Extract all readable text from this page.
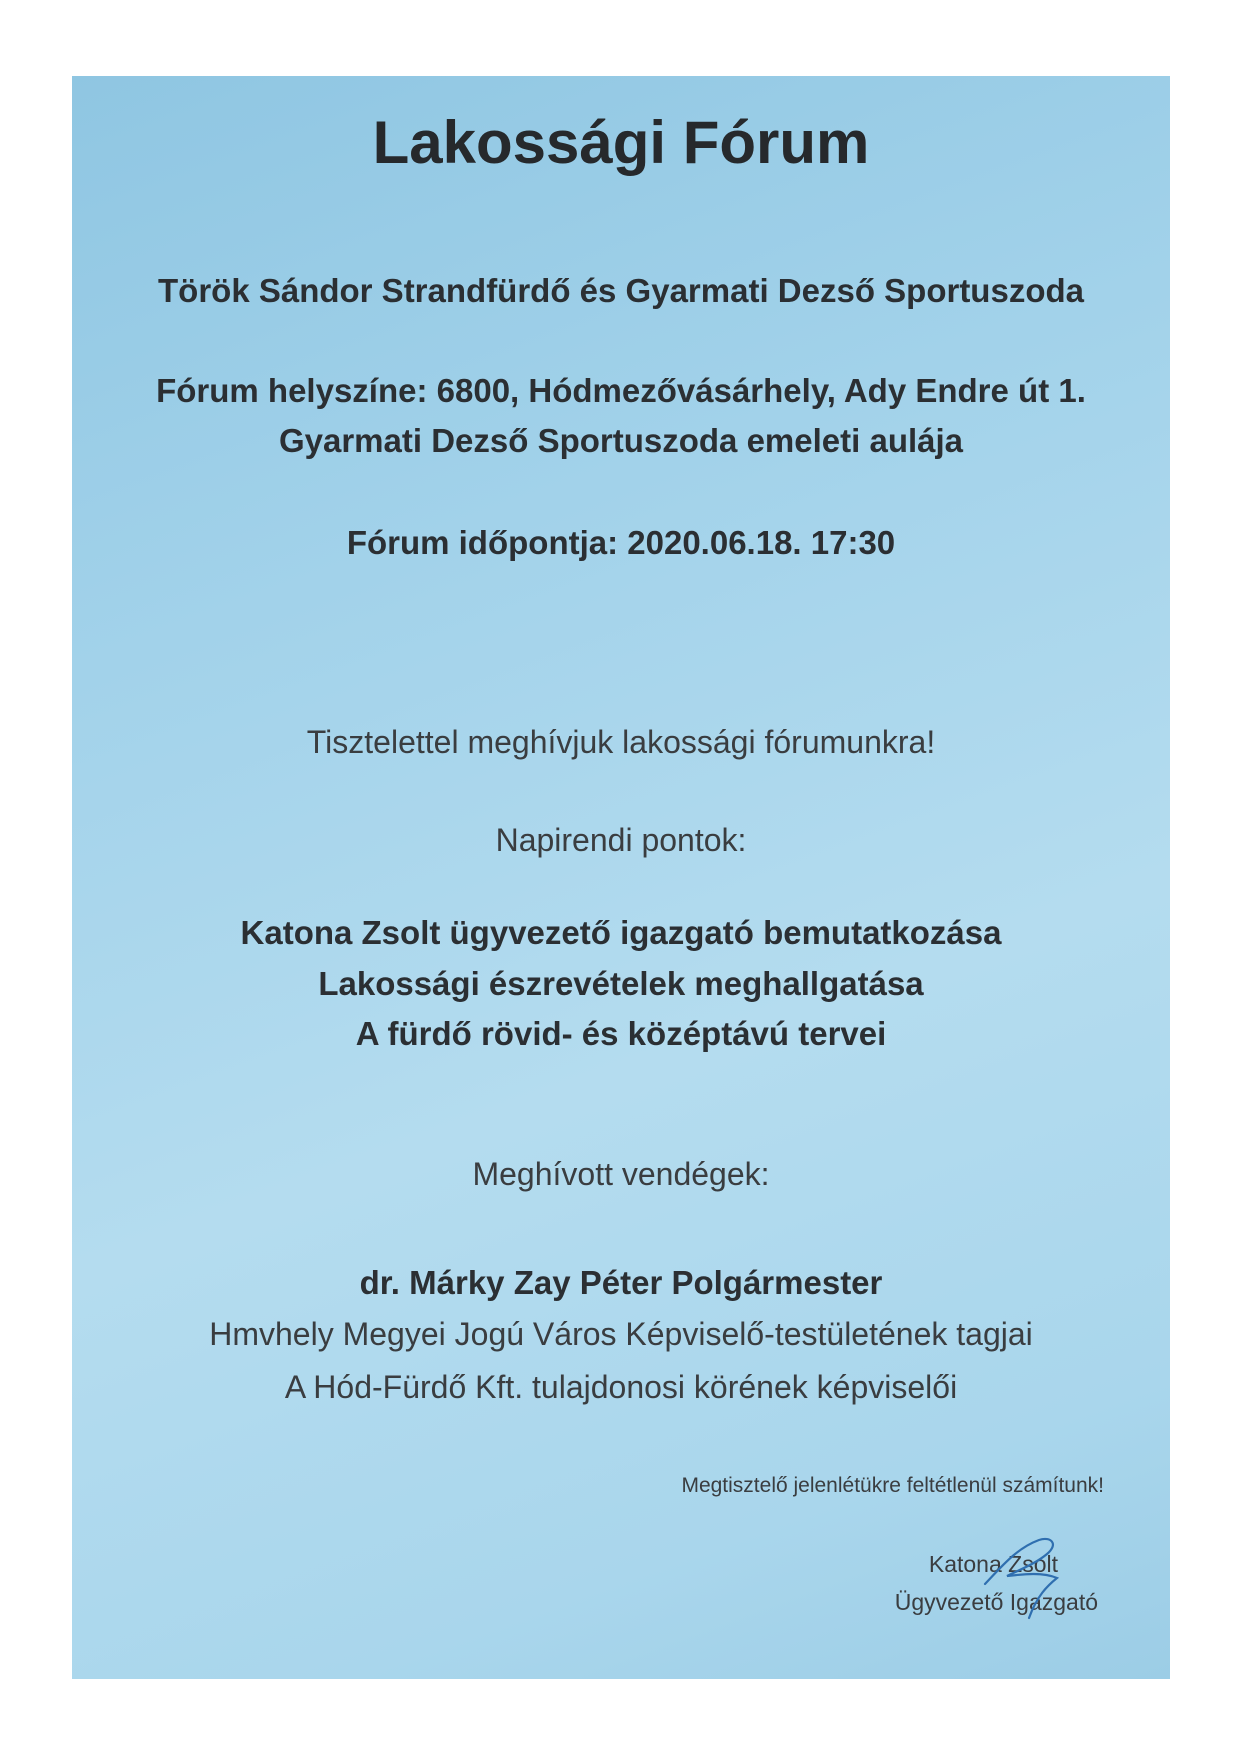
Lakossági Fórum
Török Sándor Strandfürdő és Gyarmati Dezső Sportuszoda
Fórum helyszíne: 6800, Hódmezővásárhely, Ady Endre út 1.
Gyarmati Dezső Sportuszoda emeleti aulája
Fórum időpontja: 2020.06.18. 17:30
Tisztelettel meghívjuk lakossági fórumunkra!
Napirendi pontok:
Katona Zsolt ügyvezető igazgató bemutatkozása
Lakossági észrevételek meghallgatása
A fürdő rövid- és középtávú tervei
Meghívott vendégek:
dr. Márky Zay Péter Polgármester
Hmvhely Megyei Jogú Város Képviselő-testületének tagjai
A Hód-Fürdő Kft. tulajdonosi körének képviselői
Megtisztelő jelenlétükre feltétlenül számítunk!
Katona Zsolt
Ügyvezető Igazgató
